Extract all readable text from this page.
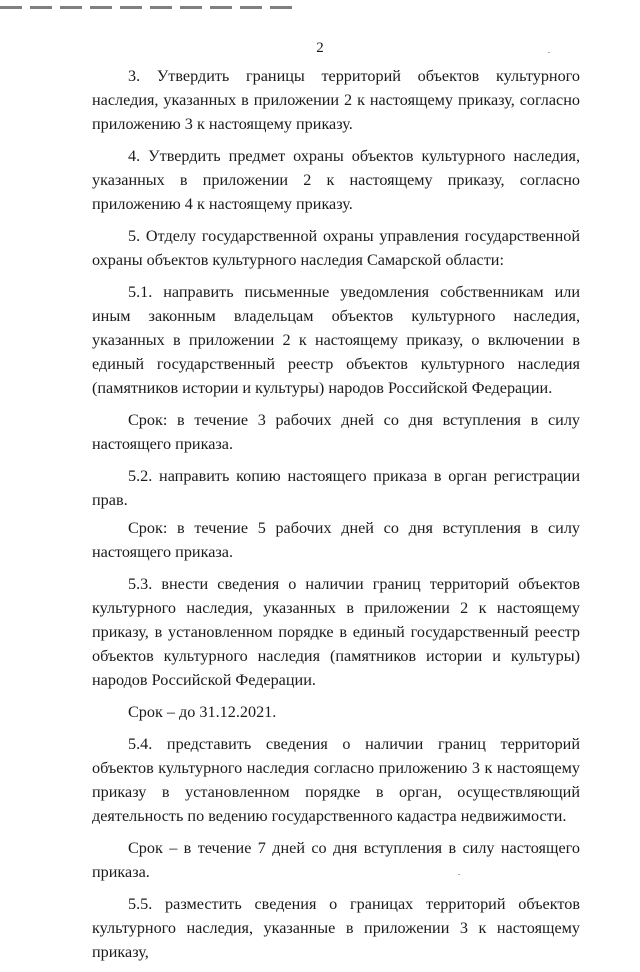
2

3. Утвердить границы территорий объектов культурного наследия, указанных в приложении 2 к настоящему приказу, согласно приложению 3 к настоящему приказу.

4. Утвердить предмет охраны объектов культурного наследия, указанных в приложении 2 к настоящему приказу, согласно приложению 4 к настоящему приказу.

5. Отделу государственной охраны управления государственной охраны объектов культурного наследия Самарской области:

5.1. направить письменные уведомления собственникам или иным законным владельцам объектов культурного наследия, указанных в приложении 2 к настоящему приказу, о включении в единый государственный реестр объектов культурного наследия (памятников истории и культуры) народов Российской Федерации.

Срок: в течение 3 рабочих дней со дня вступления в силу настоящего приказа.

5.2. направить копию настоящего приказа в орган регистрации прав.

Срок: в течение 5 рабочих дней со дня вступления в силу настоящего приказа.

5.3. внести сведения о наличии границ территорий объектов культурного наследия, указанных в приложении 2 к настоящему приказу, в установленном порядке в единый государственный реестр объектов культурного наследия (памятников истории и культуры) народов Российской Федерации.

Срок – до 31.12.2021.

5.4. представить сведения о наличии границ территорий объектов культурного наследия согласно приложению 3 к настоящему приказу в установленном порядке в орган, осуществляющий деятельность по ведению государственного кадастра недвижимости.

Срок – в течение 7 дней со дня вступления в силу настоящего приказа.

5.5. разместить сведения о границах территорий объектов культурного наследия, указанные в приложении 3 к настоящему приказу,
